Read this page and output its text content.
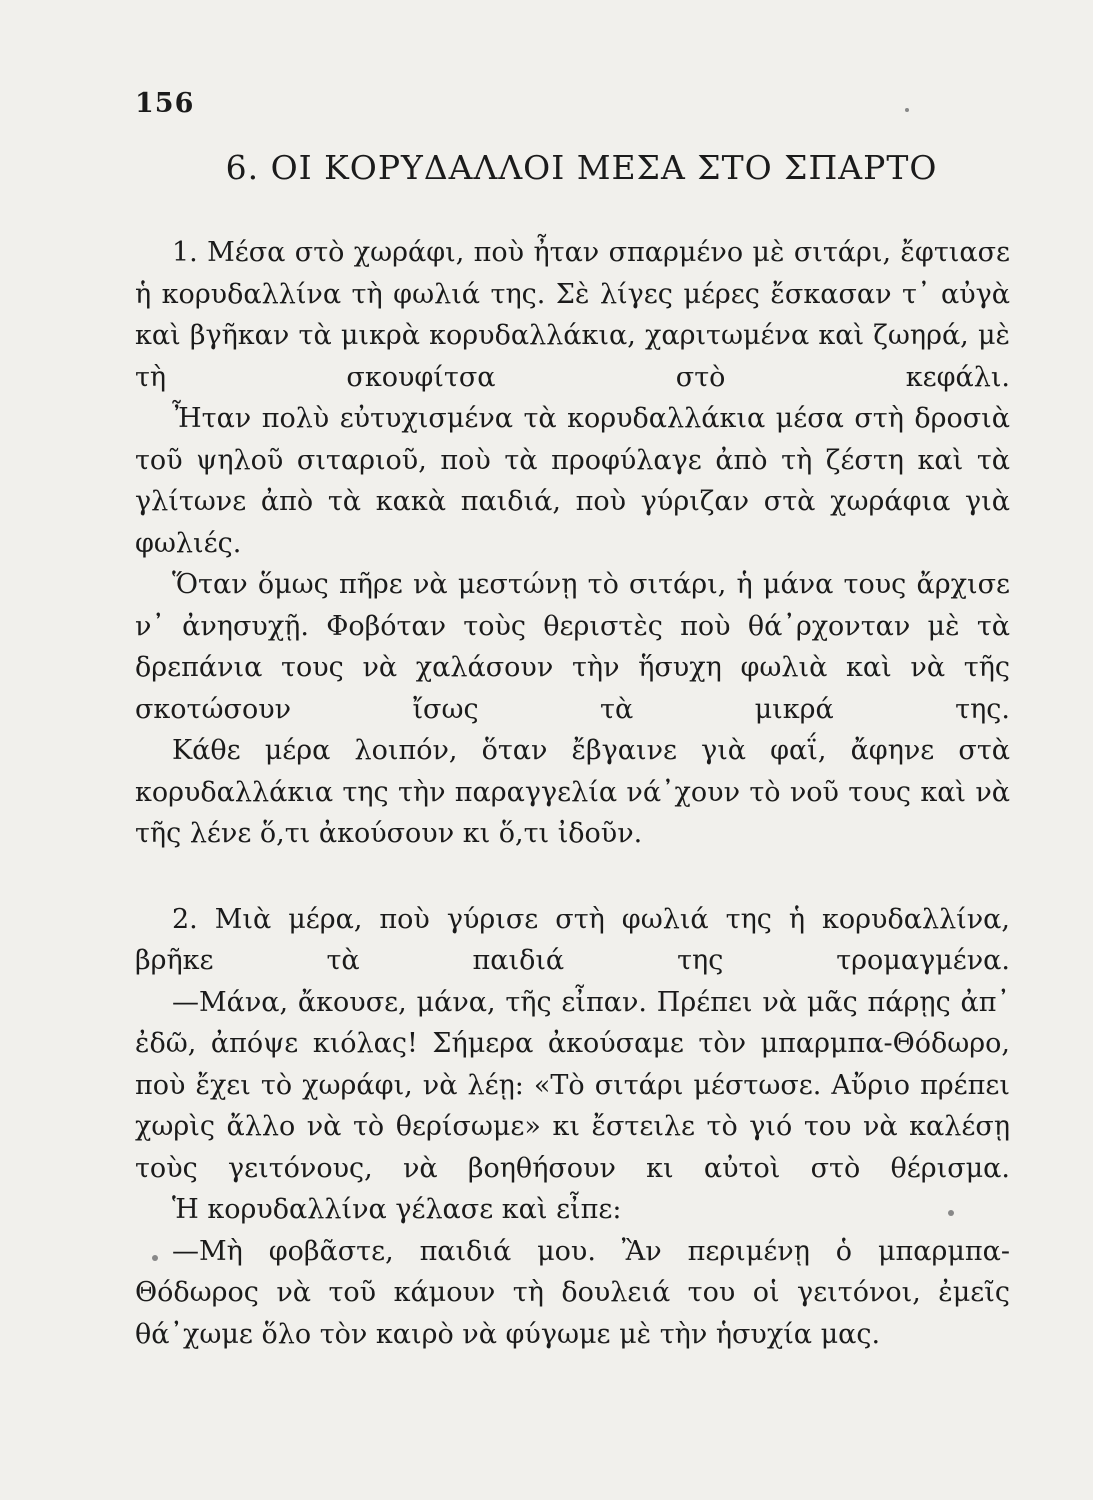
156
6. ΟΙ ΚΟΡΥΔΑΛΛΟΙ ΜΕΣΑ ΣΤΟ ΣΠΑΡΤΟ

1. Μέσα στὸ χωράφι, ποὺ ἦταν σπαρμένο μὲ σιτάρι, ἔφτιασε ἡ κορυδαλλίνα τὴ φωλιά της. Σὲ λίγες μέρες ἔσκασαν τ᾽ αὐγὰ καὶ βγῆκαν τὰ μικρὰ κορυδαλλάκια, χαριτωμένα καὶ ζωηρά, μὲ τὴ σκουφίτσα στὸ κεφάλι.

Ἦταν πολὺ εὐτυχισμένα τὰ κορυδαλλάκια μέσα στὴ δροσιὰ τοῦ ψηλοῦ σιταριοῦ, ποὺ τὰ προφύλαγε ἀπὸ τὴ ζέστη καὶ τὰ γλίτωνε ἀπὸ τὰ κακὰ παιδιά, ποὺ γύριζαν στὰ χωράφια γιὰ φωλιές.

Ὅταν ὅμως πῆρε νὰ μεστώνῃ τὸ σιτάρι, ἡ μάνα τους ἄρχισε ν᾽ ἀνησυχῇ. Φοβόταν τοὺς θεριστὲς ποὺ θά᾽ρχονταν μὲ τὰ δρεπάνια τους νὰ χαλάσουν τὴν ἥσυχη φωλιὰ καὶ νὰ τῆς σκοτώσουν ἴσως τὰ μικρά της.

Κάθε μέρα λοιπόν, ὅταν ἔβγαινε γιὰ φαΐ, ἄφηνε στὰ κορυδαλλάκια της τὴν παραγγελία νά᾽χουν τὸ νοῦ τους καὶ νὰ τῆς λένε ὅ,τι ἀκούσουν κι ὅ,τι ἰδοῦν.

2. Μιὰ μέρα, ποὺ γύρισε στὴ φωλιά της ἡ κορυδαλλίνα, βρῆκε τὰ παιδιά της τρομαγμένα.

—Μάνα, ἄκουσε, μάνα, τῆς εἶπαν. Πρέπει νὰ μᾶς πάρῃς ἀπ᾽ ἐδῶ, ἀπόψε κιόλας! Σήμερα ἀκούσαμε τὸν μπαρμπα-Θόδωρο, ποὺ ἔχει τὸ χωράφι, νὰ λέῃ: «Τὸ σιτάρι μέστωσε. Αὔριο πρέπει χωρὶς ἄλλο νὰ τὸ θερίσωμε» κι ἔστειλε τὸ γιό του νὰ καλέσῃ τοὺς γειτόνους, νὰ βοηθήσουν κι αὐτοὶ στὸ θέρισμα.

Ἡ κορυδαλλίνα γέλασε καὶ εἶπε:

—Μὴ φοβᾶστε, παιδιά μου. Ἂν περιμένῃ ὁ μπαρμπα-Θόδωρος νὰ τοῦ κάμουν τὴ δουλειά του οἱ γειτόνοι, ἐμεῖς θά᾽χωμε ὅλο τὸν καιρὸ νὰ φύγωμε μὲ τὴν ἡσυχία μας.
